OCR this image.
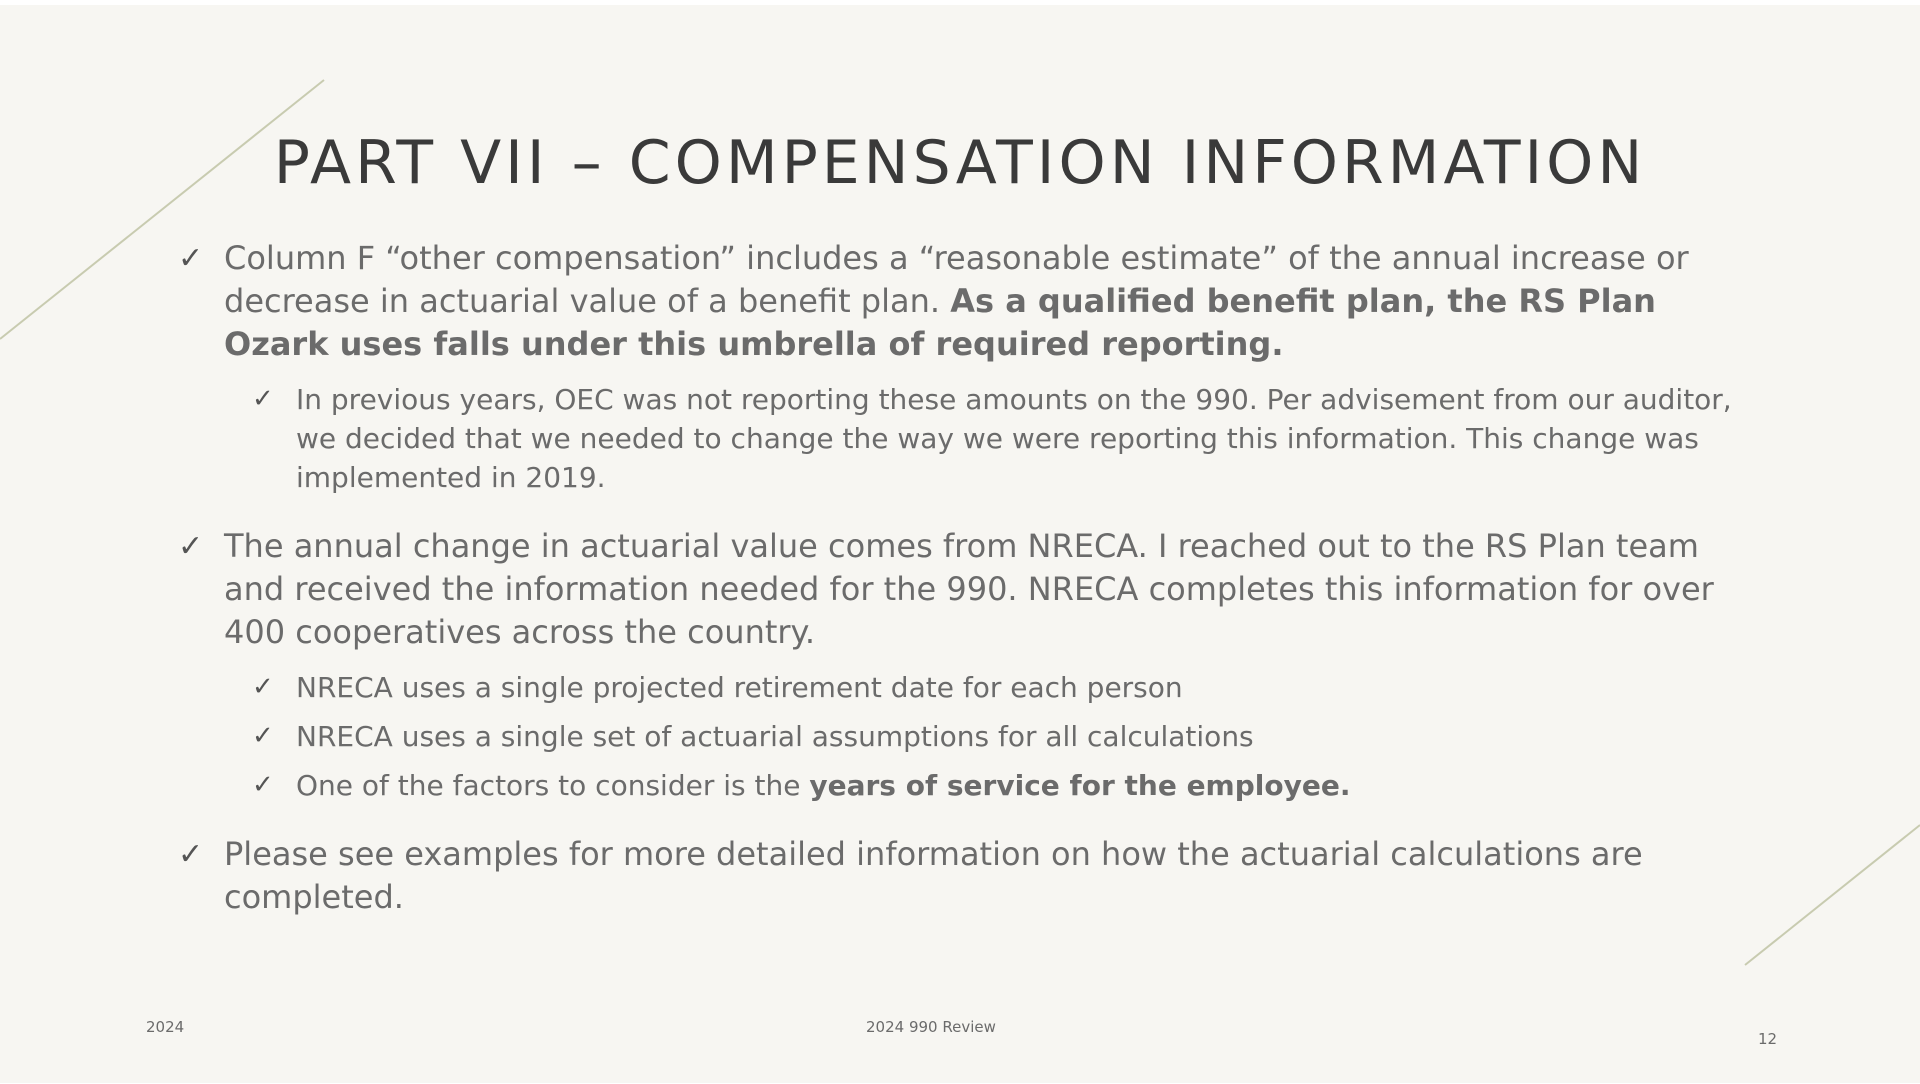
PART VII – COMPENSATION INFORMATION
✓ Column F “other compensation” includes a “reasonable estimate” of the annual increase or decrease in actuarial value of a benefit plan. As a qualified benefit plan, the RS Plan Ozark uses falls under this umbrella of required reporting.
✓ In previous years, OEC was not reporting these amounts on the 990. Per advisement from our auditor, we decided that we needed to change the way we were reporting this information. This change was implemented in 2019.
✓ The annual change in actuarial value comes from NRECA. I reached out to the RS Plan team and received the information needed for the 990. NRECA completes this information for over 400 cooperatives across the country.
✓ NRECA uses a single projected retirement date for each person
✓ NRECA uses a single set of actuarial assumptions for all calculations
✓ One of the factors to consider is the years of service for the employee.
✓ Please see examples for more detailed information on how the actuarial calculations are completed.
2024	2024 990 Review
12
